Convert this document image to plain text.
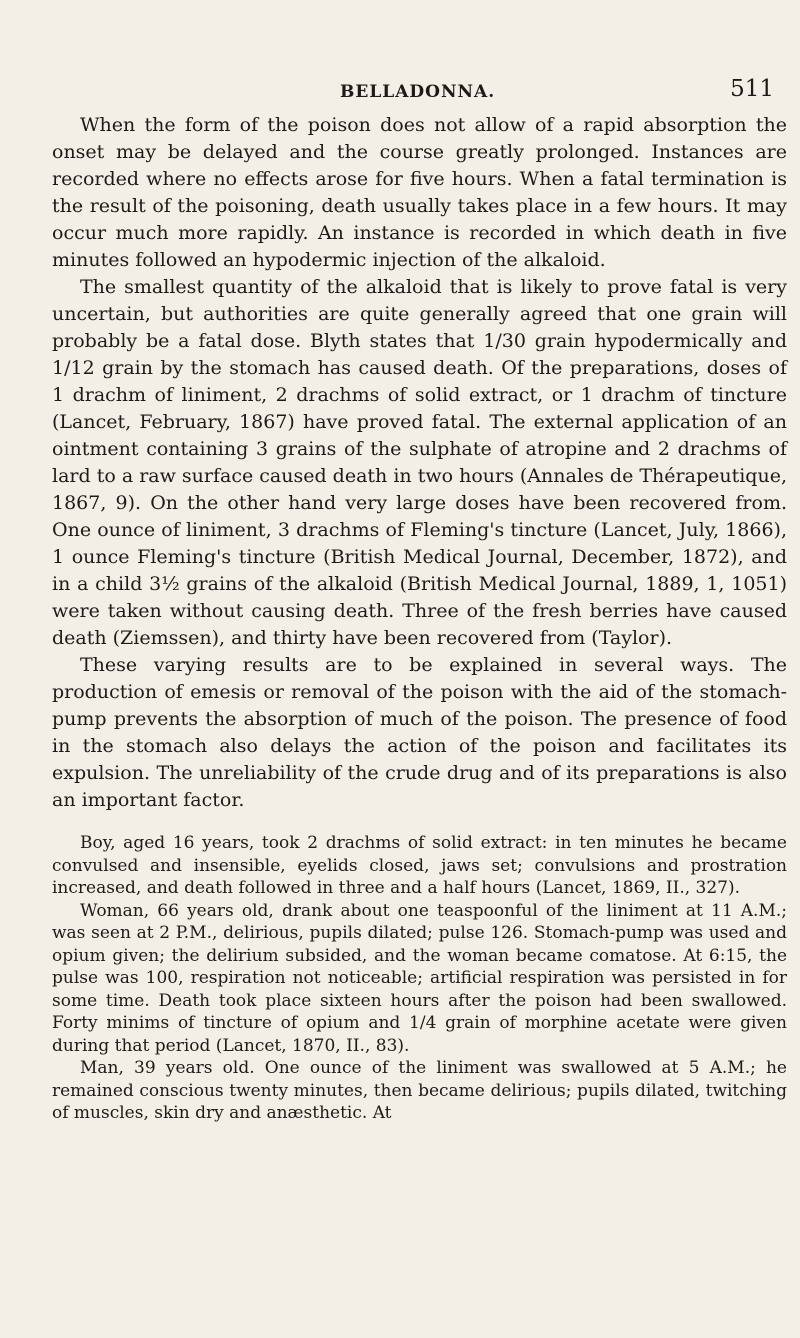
BELLADONNA.	511

When the form of the poison does not allow of a rapid absorption the onset may be delayed and the course greatly prolonged. Instances are recorded where no effects arose for five hours. When a fatal termination is the result of the poisoning, death usually takes place in a few hours. It may occur much more rapidly. An instance is recorded in which death in five minutes followed an hypodermic injection of the alkaloid.

The smallest quantity of the alkaloid that is likely to prove fatal is very uncertain, but authorities are quite generally agreed that one grain will probably be a fatal dose. Blyth states that 1/30 grain hypodermically and 1/12 grain by the stomach has caused death. Of the preparations, doses of 1 drachm of liniment, 2 drachms of solid extract, or 1 drachm of tincture (Lancet, February, 1867) have proved fatal. The external application of an ointment containing 3 grains of the sulphate of atropine and 2 drachms of lard to a raw surface caused death in two hours (Annales de Thérapeutique, 1867, 9). On the other hand very large doses have been recovered from. One ounce of liniment, 3 drachms of Fleming's tincture (Lancet, July, 1866), 1 ounce Fleming's tincture (British Medical Journal, December, 1872), and in a child 3½ grains of the alkaloid (British Medical Journal, 1889, 1, 1051) were taken without causing death. Three of the fresh berries have caused death (Ziemssen), and thirty have been recovered from (Taylor).

These varying results are to be explained in several ways. The production of emesis or removal of the poison with the aid of the stomach-pump prevents the absorption of much of the poison. The presence of food in the stomach also delays the action of the poison and facilitates its expulsion. The unreliability of the crude drug and of its preparations is also an important factor.

Boy, aged 16 years, took 2 drachms of solid extract: in ten minutes he became convulsed and insensible, eyelids closed, jaws set; convulsions and prostration increased, and death followed in three and a half hours (Lancet, 1869, II., 327).

Woman, 66 years old, drank about one teaspoonful of the liniment at 11 A.M.; was seen at 2 P.M., delirious, pupils dilated; pulse 126. Stomach-pump was used and opium given; the delirium subsided, and the woman became comatose. At 6:15, the pulse was 100, respiration not noticeable; artificial respiration was persisted in for some time. Death took place sixteen hours after the poison had been swallowed. Forty minims of tincture of opium and 1/4 grain of morphine acetate were given during that period (Lancet, 1870, II., 83).

Man, 39 years old. One ounce of the liniment was swallowed at 5 A.M.; he remained conscious twenty minutes, then became delirious; pupils dilated, twitching of muscles, skin dry and anæsthetic. At
